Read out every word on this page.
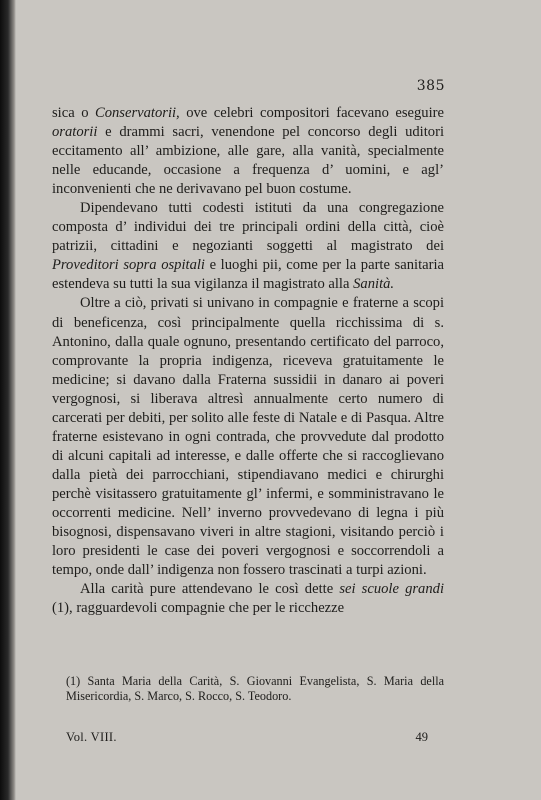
385

sica o Conservatorii, ove celebri compositori facevano eseguire oratorii e drammi sacri, venendone pel concorso degli uditori eccitamento all’ ambizione, alle gare, alla vanità, specialmente nelle educande, occasione a frequenza d’ uomini, e agl’ inconvenienti che ne derivavano pel buon costume.

Dipendevano tutti codesti istituti da una congregazione composta d’ individui dei tre principali ordini della città, cioè patrizii, cittadini e negozianti soggetti al magistrato dei Proveditori sopra ospitali e luoghi pii, come per la parte sanitaria estendeva su tutti la sua vigilanza il magistrato alla Sanità.

Oltre a ciò, privati si univano in compagnie e fraterne a scopi di beneficenza, così principalmente quella ricchissima di s. Antonino, dalla quale ognuno, presentando certificato del parroco, comprovante la propria indigenza, riceveva gratuitamente le medicine; si davano dalla Fraterna sussidii in danaro ai poveri vergognosi, si liberava altresì annualmente certo numero di carcerati per debiti, per solito alle feste di Natale e di Pasqua. Altre fraterne esistevano in ogni contrada, che provvedute dal prodotto di alcuni capitali ad interesse, e dalle offerte che si raccoglievano dalla pietà dei parrocchiani, stipendiavano medici e chirurghi perchè visitassero gratuitamente gl’ infermi, e somministravano le occorrenti medicine. Nell’ inverno provvedevano di legna i più bisognosi, dispensavano viveri in altre stagioni, visitando perciò i loro presidenti le case dei poveri vergognosi e soccorrendoli a tempo, onde dall’ indigenza non fossero trascinati a turpi azioni.

Alla carità pure attendevano le così dette sei scuole grandi (1), ragguardevoli compagnie che per le ricchezze

(1) Santa Maria della Carità, S. Giovanni Evangelista, S. Maria della Misericordia, S. Marco, S. Rocco, S. Teodoro.

Vol. VIII.	49
